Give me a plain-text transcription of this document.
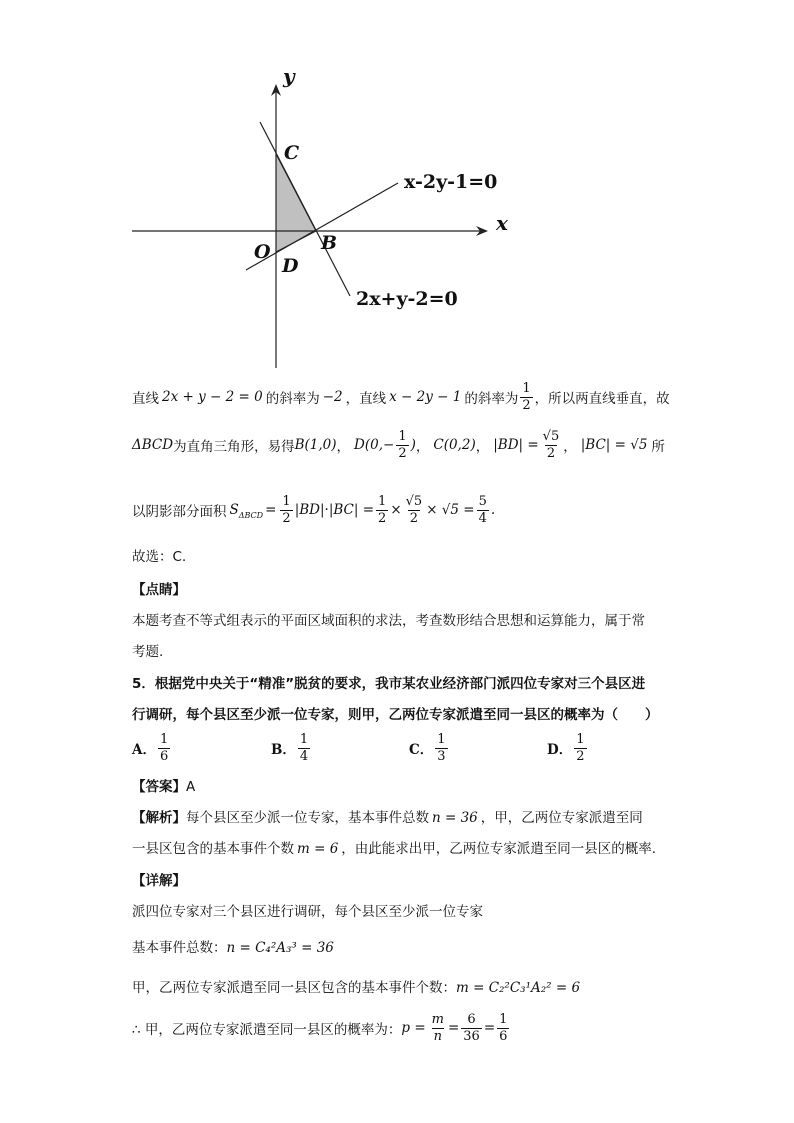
y
x
C
O
D
B
x-2y-1=0
2x+y-2=0
直线 2x + y − 2 = 0 的斜率为 −2 ，直线 x − 2y − 1 的斜率为 $\frac{1}{2}$ ，所以两直线垂直，故
ΔBCD 为直角三角形，易得 B(1,0) ， $D(0,- \frac{1}{2}$ ) ， C(0,2) ， $|BD| = \frac{√5}{2}$ ， |BC| = √5 所
以阴影部分面积 S $\Delta BCD = \frac{1}{2} |BD|\cdot|BC| = \frac{1}{2} \times \frac{√5}{2} \times √5 = \frac{5}{4}$ .
故选：C.
【点睛】
本题考查不等式组表示的平面区域面积的求法，考查数形结合思想和运算能力，属于常
考题.
5．根据党中央关于“精准”脱贫的要求，我市某农业经济部门派四位专家对三个县区进
行调研，每个县区至少派一位专家，则甲，乙两位专家派遣至同一县区的概率为（　　）
A． $\frac{1}{6}$	B． $\frac{1}{4}$	C． $\frac{1}{3}$	D． $\frac{1}{2}$
【答案】A
【解析】每个县区至少派一位专家，基本事件总数 n = 36 ，甲，乙两位专家派遣至同
一县区包含的基本事件个数 m = 6 ，由此能求出甲，乙两位专家派遣至同一县区的概率.
【详解】
派四位专家对三个县区进行调研，每个县区至少派一位专家
基本事件总数：n = C₄²A₃³ = 36
甲，乙两位专家派遣至同一县区包含的基本事件个数：m = C₂²C₃¹A₂² = 6
∴ 甲，乙两位专家派遣至同一县区的概率为： $p = \frac{m}{n} = \frac{6}{36} = \frac{1}{6}$
